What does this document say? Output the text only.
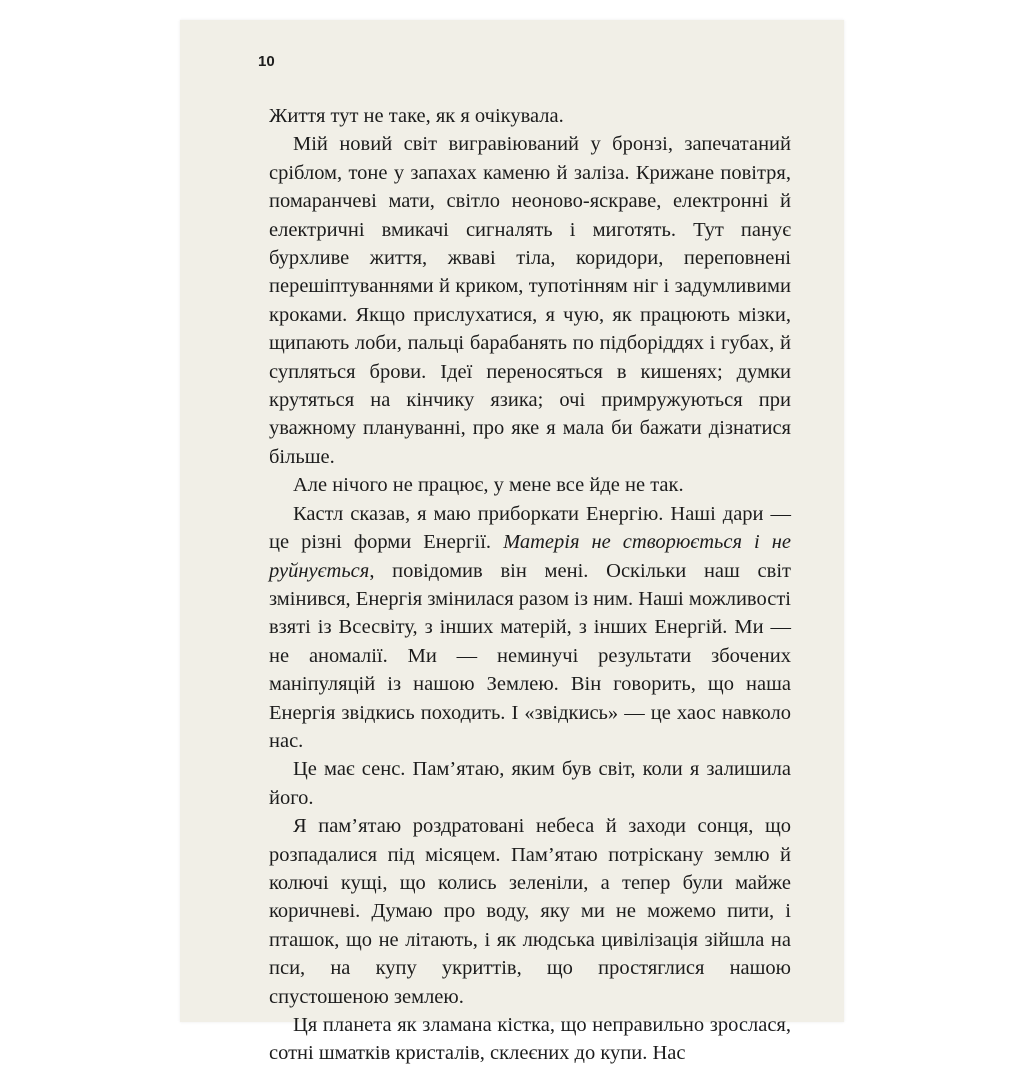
10

Життя тут не таке, як я очікувала.

Мій новий світ вигравіюваний у бронзі, запечатаний сріблом, тоне у запахах каменю й заліза. Крижане повітря, помаранчеві мати, світло неоново-яскраве, електронні й електричні вмикачі сигналять і миготять. Тут панує бурхливе життя, жваві тіла, коридори, переповнені перешіптуваннями й криком, тупотінням ніг і задумливими кроками. Якщо прислухатися, я чую, як працюють мізки, щипають лоби, пальці барабанять по підборіддях і губах, й супляться брови. Ідеї переносяться в кишенях; думки крутяться на кінчику язика; очі примружуються при уважному плануванні, про яке я мала би бажати дізнатися більше.

Але нічого не працює, у мене все йде не так.

Кастл сказав, я маю приборкати Енергію. Наші дари — це різні форми Енергії. Матерія не створюється і не руйнується, повідомив він мені. Оскільки наш світ змінився, Енергія змінилася разом із ним. Наші можливості взяті із Всесвіту, з інших матерій, з інших Енергій. Ми — не аномалії. Ми — неминучі результати збочених маніпуляцій із нашою Землею. Він говорить, що наша Енергія звідкись походить. І «звідкись» — це хаос навколо нас.

Це має сенс. Пам’ятаю, яким був світ, коли я залишила його.

Я пам’ятаю роздратовані небеса й заходи сонця, що розпадалися під місяцем. Пам’ятаю потріскану землю й колючі кущі, що колись зеленіли, а тепер були майже коричневі. Думаю про воду, яку ми не можемо пити, і пташок, що не літають, і як людська цивілізація зійшла на пси, на купу укриттів, що простяглися нашою спустошеною землею.

Ця планета як зламана кістка, що неправильно зрослася, сотні шматків кристалів, склеєних до купи. Нас
